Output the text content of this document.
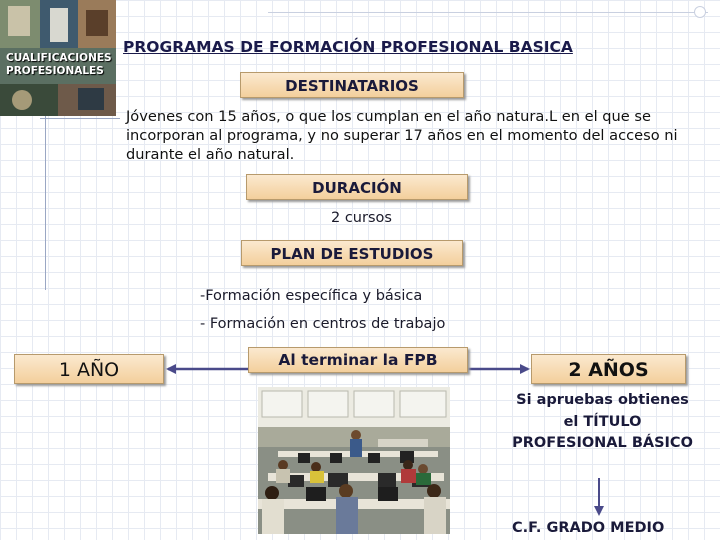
CUALIFICACIONES
PROFESIONALES
PROGRAMAS DE FORMACIÓN PROFESIONAL BASICA
DESTINATARIOS
Jóvenes con 15 años, o que los cumplan en el año natura.L en el que se incorporan al programa, y no superar 17 años en el momento del acceso ni durante el año natural.
DURACIÓN
2 cursos
PLAN DE ESTUDIOS
-Formación específica y básica
- Formación en centros de trabajo
1 AÑO	Al terminar la FPB	2 AÑOS
Si apruebas obtienes el TÍTULO PROFESIONAL BÁSICO
C.F. GRADO MEDIO
